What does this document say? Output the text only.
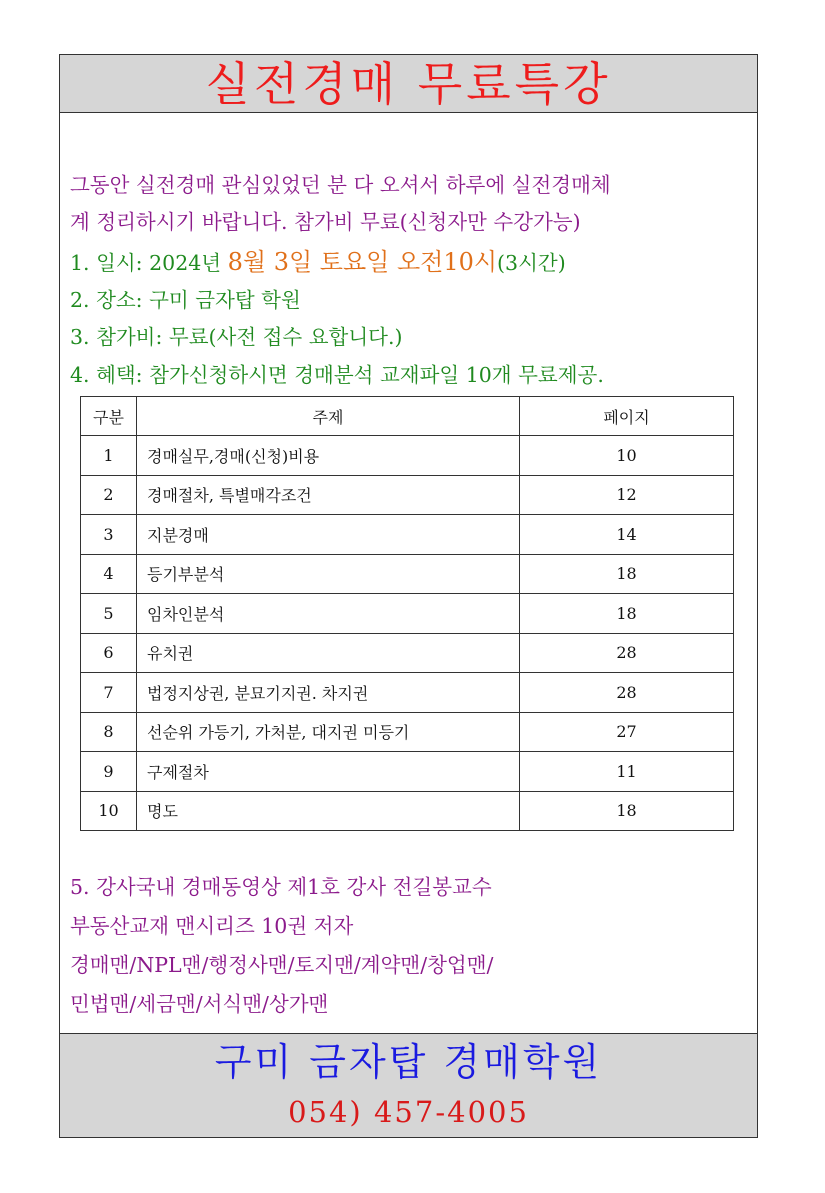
실전경매 무료특강
그동안 실전경매 관심있었던 분 다 오셔서 하루에 실전경매체
계 정리하시기 바랍니다. 참가비 무료(신청자만 수강가능)
1. 일시: 2024년 8월 3일 토요일 오전10시(3시간)
2. 장소: 구미 금자탑 학원
3. 참가비: 무료(사전 접수 요합니다.)
4. 혜택: 참가신청하시면 경매분석 교재파일 10개 무료제공.
구분	주제	페이지
1	경매실무,경매(신청)비용	10
2	경매절차, 특별매각조건	12
3	지분경매	14
4	등기부분석	18
5	임차인분석	18
6	유치권	28
7	법정지상권, 분묘기지권. 차지권	28
8	선순위 가등기, 가처분, 대지권 미등기	27
9	구제절차	11
10	명도	18
5. 강사국내 경매동영상 제1호 강사 전길봉교수
부동산교재 맨시리즈 10권 저자
경매맨/NPL맨/행정사맨/토지맨/계약맨/창업맨/
민법맨/세금맨/서식맨/상가맨
구미 금자탑 경매학원
054) 457-4005
